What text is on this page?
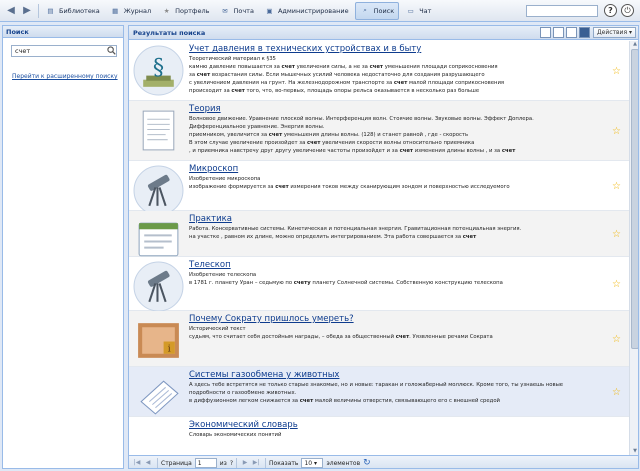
◀ ▶	▤ Библиотека	▦ Журнал	★ Портфель	✉ Почта	▣ Администрирование	⌕	Поиск	▭ Чат	?	⏻
Поиск
счет
Перейти к расширенному поиску
Результаты поиска	Действия ▾
§
Учет давления в технических устройствах и в быту
Теоретический материал к §35
камню давление повышается за счет увеличения силы, а не за счет уменьшения площади соприкосновения
за счет возрастания силы. Если мышечных усилий человека недостаточно для создания разрушающего
с увеличением давления на грунт. На железнодорожном транспорте за счет малой площади соприкосновения
происходит за счет того, что, во-первых, площадь опоры рельса оказывается в несколько раз больше
☆
Теория
Волновое движение. Уравнение плоской волны. Интерференция волн. Стоячие волны. Звуковые волны. Эффект Доплера.
Дифференциальное уравнение. Энергия волны.
приемником, увеличится за счет уменьшения длины волны. (128) и станет равной , где - скорость
В этом случае увеличение произойдет за счет увеличения скорости волны относительно приемника
, и приемника навстречу друг другу увеличение частоты произойдет и за счет изменения длины волны , и за счет
☆
Микроскоп
Изобретение микроскопа
изображение формируется за счет измерения токов между сканирующим зондом и поверхностью исследуемого	☆
Практика
Работа. Консервативные системы. Кинетическая и потенциальная энергия. Гравитационная потенциальная энергия.
на участке , равном их длине, можно определить интегрированием. Эта работа совершается за счет	☆
Телескоп
Изобретение телескопа
в 1781 г. планету Уран – седьмую по счету планету Солнечной системы. Собственную конструкцию телескопа	☆
i
Почему Сократу пришлось умереть?
Исторический текст
судьям, что считает себя достойным награды, – обеда за общественный счет. Уязвленные речами Сократа	☆
Системы газообмена у животных
А здесь тебе встретятся не только старые знакомые, но и новые: таракан и голожаберный моллюск. Кроме того, ты узнаешь новые
подробности о газообмене животных.
в диффузионном легком снижается за счет малой величины отверстия, связывающего его с внешней средой
☆
Экономический словарь
Словарь экономических понятий
▲
▼
|◀ ◀	Страница	1	из ?	▶ ▶| Показать	10 ▾	элементов ↻
